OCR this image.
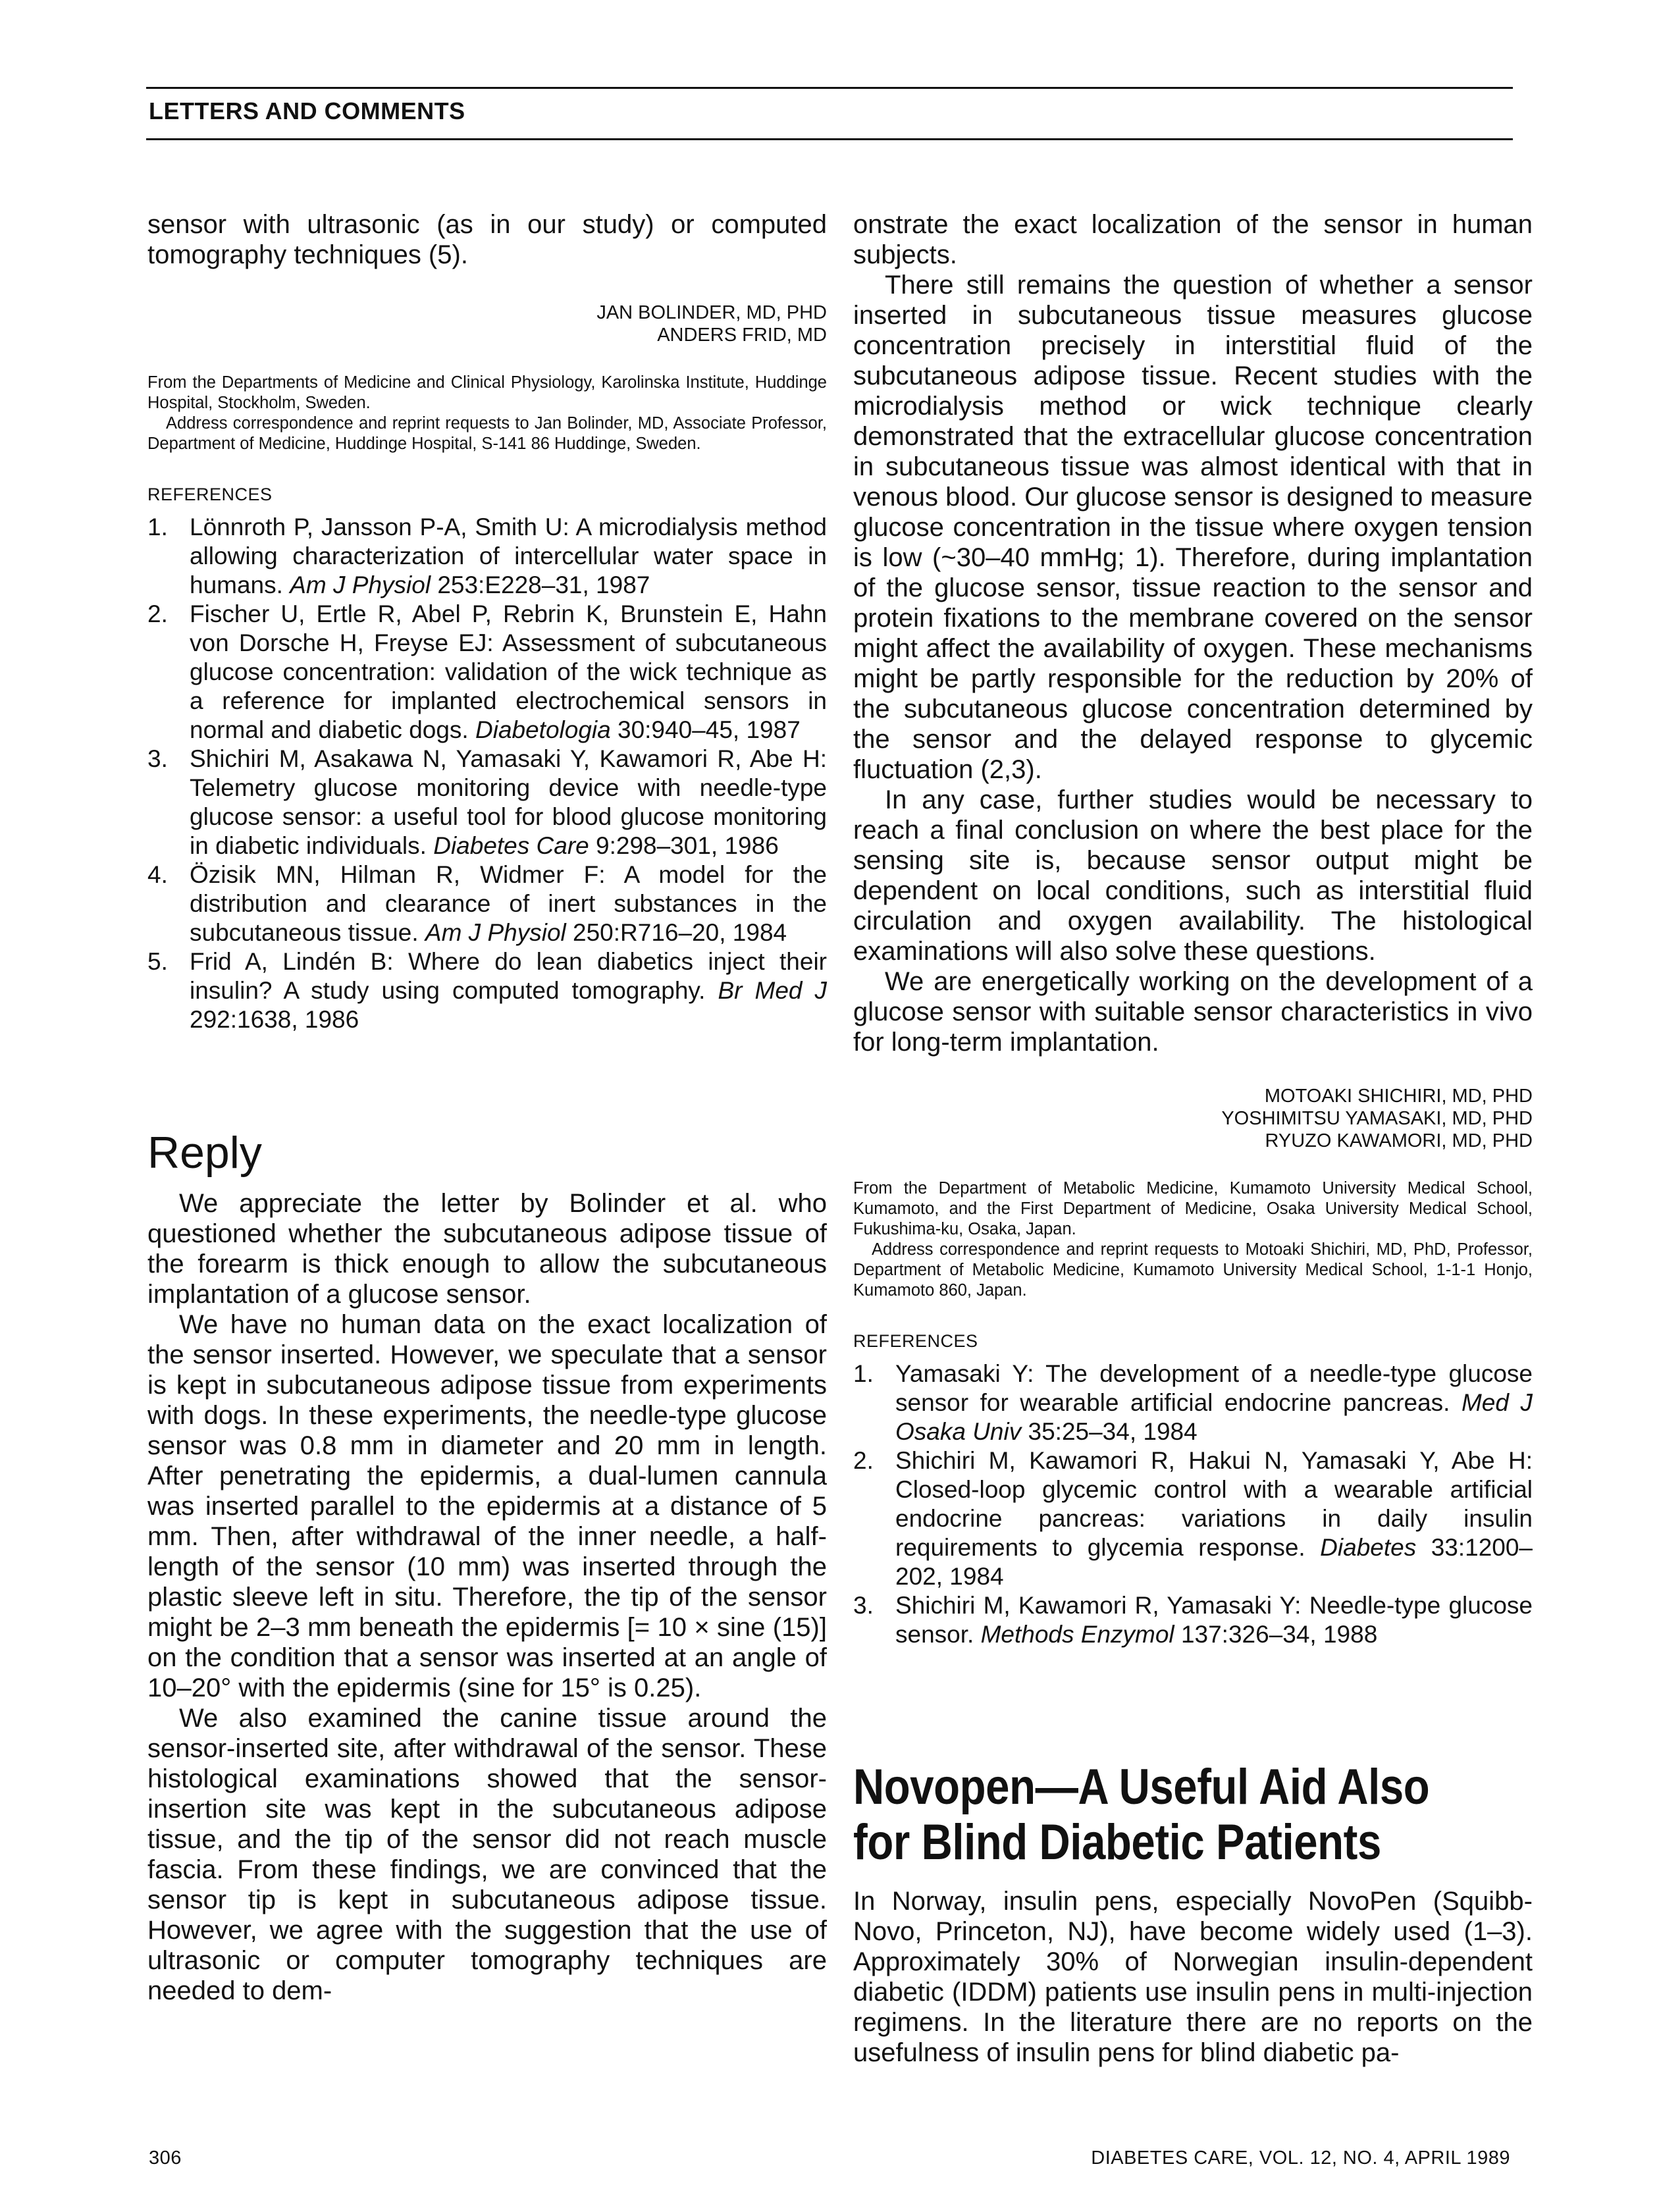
LETTERS AND COMMENTS

sensor with ultrasonic (as in our study) or computed tomography techniques (5).

JAN BOLINDER, MD, PHD
ANDERS FRID, MD

From the Departments of Medicine and Clinical Physiology, Karolinska Institute, Huddinge Hospital, Stockholm, Sweden.

Address correspondence and reprint requests to Jan Bolinder, MD, Associate Professor, Department of Medicine, Huddinge Hospital, S-141 86 Huddinge, Sweden.

REFERENCES
1. Lönnroth P, Jansson P-A, Smith U: A microdialysis method allowing characterization of intercellular water space in humans. Am J Physiol 253:E228–31, 1987
2. Fischer U, Ertle R, Abel P, Rebrin K, Brunstein E, Hahn von Dorsche H, Freyse EJ: Assessment of subcutaneous glucose concentration: validation of the wick technique as a reference for implanted electrochemical sensors in normal and diabetic dogs. Diabetologia 30:940–45, 1987
3. Shichiri M, Asakawa N, Yamasaki Y, Kawamori R, Abe H: Telemetry glucose monitoring device with needle-type glucose sensor: a useful tool for blood glucose monitoring in diabetic individuals. Diabetes Care 9:298–301, 1986
4. Özisik MN, Hilman R, Widmer F: A model for the distribution and clearance of inert substances in the subcutaneous tissue. Am J Physiol 250:R716–20, 1984
5. Frid A, Lindén B: Where do lean diabetics inject their insulin? A study using computed tomography. Br Med J 292:1638, 1986
Reply

We appreciate the letter by Bolinder et al. who questioned whether the subcutaneous adipose tissue of the forearm is thick enough to allow the subcutaneous implantation of a glucose sensor.

We have no human data on the exact localization of the sensor inserted. However, we speculate that a sensor is kept in subcutaneous adipose tissue from experiments with dogs. In these experiments, the needle-type glucose sensor was 0.8 mm in diameter and 20 mm in length. After penetrating the epidermis, a dual-lumen cannula was inserted parallel to the epidermis at a distance of 5 mm. Then, after withdrawal of the inner needle, a half-length of the sensor (10 mm) was inserted through the plastic sleeve left in situ. Therefore, the tip of the sensor might be 2–3 mm beneath the epidermis [= 10 × sine (15)] on the condition that a sensor was inserted at an angle of 10–20° with the epidermis (sine for 15° is 0.25).

We also examined the canine tissue around the sensor-inserted site, after withdrawal of the sensor. These histological examinations showed that the sensor-insertion site was kept in the subcutaneous adipose tissue, and the tip of the sensor did not reach muscle fascia. From these findings, we are convinced that the sensor tip is kept in subcutaneous adipose tissue. However, we agree with the suggestion that the use of ultrasonic or computer tomography techniques are needed to dem-

onstrate the exact localization of the sensor in human subjects.

There still remains the question of whether a sensor inserted in subcutaneous tissue measures glucose concentration precisely in interstitial fluid of the subcutaneous adipose tissue. Recent studies with the microdialysis method or wick technique clearly demonstrated that the extracellular glucose concentration in subcutaneous tissue was almost identical with that in venous blood. Our glucose sensor is designed to measure glucose concentration in the tissue where oxygen tension is low (~30–40 mmHg; 1). Therefore, during implantation of the glucose sensor, tissue reaction to the sensor and protein fixations to the membrane covered on the sensor might affect the availability of oxygen. These mechanisms might be partly responsible for the reduction by 20% of the subcutaneous glucose concentration determined by the sensor and the delayed response to glycemic fluctuation (2,3).

In any case, further studies would be necessary to reach a final conclusion on where the best place for the sensing site is, because sensor output might be dependent on local conditions, such as interstitial fluid circulation and oxygen availability. The histological examinations will also solve these questions.

We are energetically working on the development of a glucose sensor with suitable sensor characteristics in vivo for long-term implantation.

MOTOAKI SHICHIRI, MD, PHD
YOSHIMITSU YAMASAKI, MD, PHD
RYUZO KAWAMORI, MD, PHD

From the Department of Metabolic Medicine, Kumamoto University Medical School, Kumamoto, and the First Department of Medicine, Osaka University Medical School, Fukushima-ku, Osaka, Japan.

Address correspondence and reprint requests to Motoaki Shichiri, MD, PhD, Professor, Department of Metabolic Medicine, Kumamoto University Medical School, 1-1-1 Honjo, Kumamoto 860, Japan.

REFERENCES
1. Yamasaki Y: The development of a needle-type glucose sensor for wearable artificial endocrine pancreas. Med J Osaka Univ 35:25–34, 1984
2. Shichiri M, Kawamori R, Hakui N, Yamasaki Y, Abe H: Closed-loop glycemic control with a wearable artificial endocrine pancreas: variations in daily insulin requirements to glycemia response. Diabetes 33:1200–202, 1984
3. Shichiri M, Kawamori R, Yamasaki Y: Needle-type glucose sensor. Methods Enzymol 137:326–34, 1988
Novopen—A Useful Aid Also
for Blind Diabetic Patients

In Norway, insulin pens, especially NovoPen (Squibb-Novo, Princeton, NJ), have become widely used (1–3). Approximately 30% of Norwegian insulin-dependent diabetic (IDDM) patients use insulin pens in multi-injection regimens. In the literature there are no reports on the usefulness of insulin pens for blind diabetic pa-

306	DIABETES CARE, VOL. 12, NO. 4, APRIL 1989
